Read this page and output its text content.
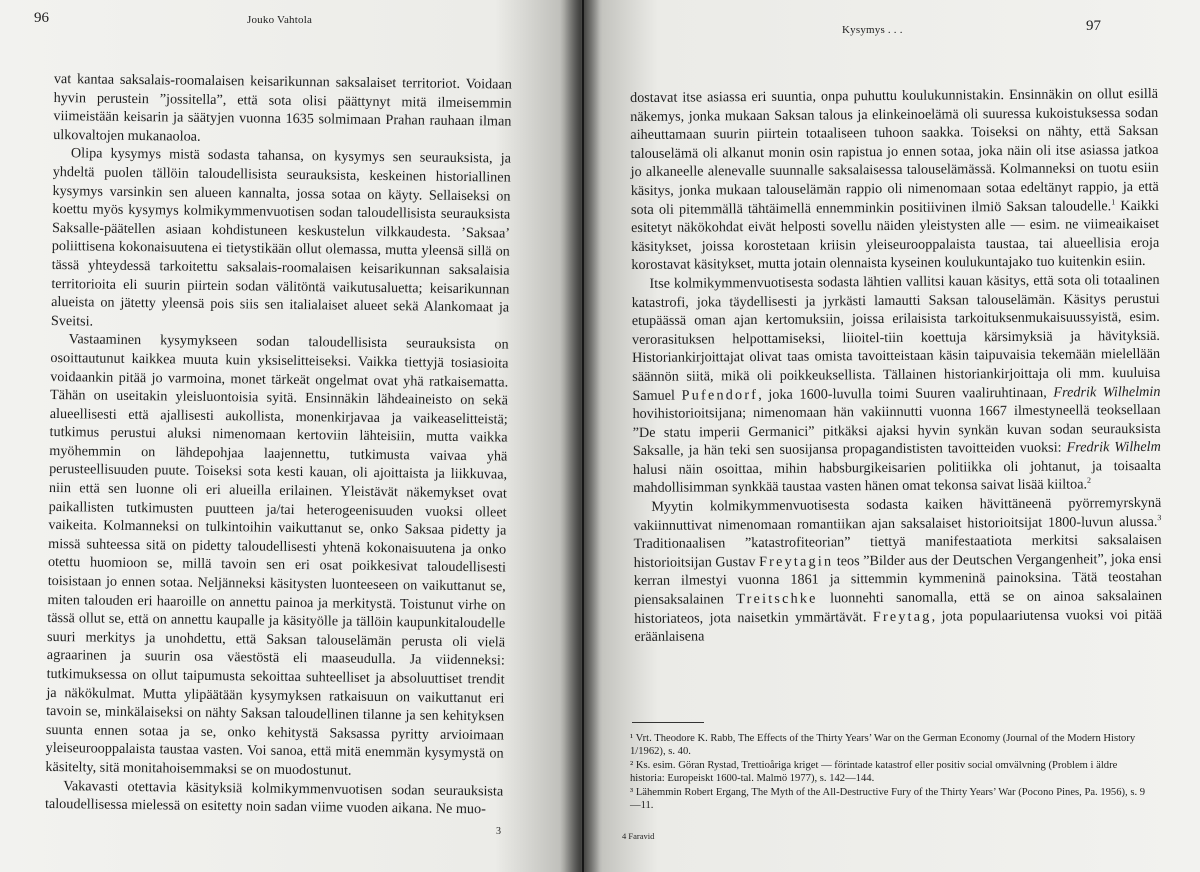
96	Jouko Vahtola

vat kantaa saksalais-roomalaisen keisarikunnan saksalaiset territoriot. Voidaan hyvin perustein ”jossitella”, että sota olisi päättynyt mitä ilmeisemmin viimeistään keisarin ja säätyjen vuonna 1635 solmimaan Prahan rauhaan ilman ulkovaltojen mukanaoloa.

Olipa kysymys mistä sodasta tahansa, on kysymys sen seurauksista, ja yhdeltä puolen tällöin taloudellisista seurauksista, keskeinen historiallinen kysymys varsinkin sen alueen kannalta, jossa sotaa on käyty. Sellaiseksi on koettu myös kysymys kolmikymmenvuotisen sodan taloudellisista seurauksista Saksalle-päätellen asiaan kohdistuneen keskustelun vilkkaudesta. ’Saksaa’ poliittisena kokonaisuutena ei tietystikään ollut olemassa, mutta yleensä sillä on tässä yhteydessä tarkoitettu saksalais-roomalaisen keisarikunnan saksalaisia territorioita eli suurin piirtein sodan välitöntä vaikutusaluetta; keisarikunnan alueista on jätetty yleensä pois siis sen italialaiset alueet sekä Alankomaat ja Sveitsi.

Vastaaminen kysymykseen sodan taloudellisista seurauksista on osoittautunut kaikkea muuta kuin yksiselitteiseksi. Vaikka tiettyjä tosiasioita voidaankin pitää jo varmoina, monet tärkeät ongelmat ovat yhä ratkaisematta. Tähän on useitakin yleisluontoisia syitä. Ensinnäkin lähdeaineisto on sekä alueellisesti että ajallisesti aukollista, monenkirjavaa ja vaikeaselitteistä; tutkimus perustui aluksi nimenomaan kertoviin lähteisiin, mutta vaikka myöhemmin on lähdepohjaa laajennettu, tutkimusta vaivaa yhä perusteellisuuden puute. Toiseksi sota kesti kauan, oli ajoittaista ja liikkuvaa, niin että sen luonne oli eri alueilla erilainen. Yleistävät näkemykset ovat paikallisten tutkimusten puutteen ja/tai heterogeenisuuden vuoksi olleet vaikeita. Kolmanneksi on tulkintoihin vaikuttanut se, onko Saksaa pidetty ja missä suhteessa sitä on pidetty taloudellisesti yhtenä kokonaisuutena ja onko otettu huomioon se, millä tavoin sen eri osat poikkesivat taloudellisesti toisistaan jo ennen sotaa. Neljänneksi käsitysten luonteeseen on vaikuttanut se, miten talouden eri haaroille on annettu painoa ja merkitystä. Toistunut virhe on tässä ollut se, että on annettu kaupalle ja käsityölle ja tällöin kaupunkitaloudelle suuri merkitys ja unohdettu, että Saksan talouselämän perusta oli vielä agraarinen ja suurin osa väestöstä eli maaseudulla. Ja viidenneksi: tutkimuksessa on ollut taipumusta sekoittaa suhteelliset ja absoluuttiset trendit ja näkökulmat. Mutta ylipäätään kysymyksen ratkaisuun on vaikuttanut eri tavoin se, minkälaiseksi on nähty Saksan taloudellinen tilanne ja sen kehityksen suunta ennen sotaa ja se, onko kehitystä Saksassa pyritty arvioimaan yleiseurooppalaista taustaa vasten. Voi sanoa, että mitä enemmän kysymystä on käsitelty, sitä monitahoisemmaksi se on muodostunut.

Vakavasti otettavia käsityksiä kolmikymmenvuotisen sodan seurauksista taloudellisessa mielessä on esitetty noin sadan viime vuoden aikana. Ne muo-

3
Kysymys . . .	97

dostavat itse asiassa eri suuntia, onpa puhuttu koulukunnistakin. Ensinnäkin on ollut esillä näkemys, jonka mukaan Saksan talous ja elinkeinoelämä oli suuressa kukoistuksessa sodan aiheuttamaan suurin piirtein totaaliseen tuhoon saakka. Toiseksi on nähty, että Saksan talouselämä oli alkanut monin osin rapistua jo ennen sotaa, joka näin oli itse asiassa jatkoa jo alkaneelle alenevalle suunnalle saksalaisessa talouselämässä. Kolmanneksi on tuotu esiin käsitys, jonka mukaan talouselämän rappio oli nimenomaan sotaa edeltänyt rappio, ja että sota oli pitemmällä tähtäimellä ennemminkin positiivinen ilmiö Saksan taloudelle.$^1$ Kaikki esitetyt näkökohdat eivät helposti sovellu näiden yleistysten alle — esim. ne viimeaikaiset käsitykset, joissa korostetaan kriisin yleiseurooppalaista taustaa, tai alueellisia eroja korostavat käsitykset, mutta jotain olennaista kyseinen koulukuntajako tuo kuitenkin esiin.

Itse kolmikymmenvuotisesta sodasta lähtien vallitsi kauan käsitys, että sota oli totaalinen katastrofi, joka täydellisesti ja jyrkästi lamautti Saksan talouselämän. Käsitys perustui etupäässä oman ajan kertomuksiin, joissa erilaisista tarkoituksenmukaisuussyistä, esim. verorasituksen helpottamiseksi, liioitel-tiin koettuja kärsimyksiä ja hävityksiä. Historiankirjoittajat olivat taas omista tavoitteistaan käsin taipuvaisia tekemään mielellään säännön siitä, mikä oli poikkeuksellista. Tällainen historiankirjoittaja oli mm. kuuluisa Samuel Pufendorf, joka 1600-luvulla toimi Suuren vaaliruhtinaan, Fredrik Wilhelmin hovihistorioitsijana; nimenomaan hän vakiinnutti vuonna 1667 ilmestyneellä teoksellaan ”De statu imperii Germanici” pitkäksi ajaksi hyvin synkän kuvan sodan seurauksista Saksalle, ja hän teki sen suosijansa propagandististen tavoitteiden vuoksi: Fredrik Wilhelm halusi näin osoittaa, mihin habsburgikeisarien politiikka oli johtanut, ja toisaalta mahdollisimman synkkää taustaa vasten hänen omat tekonsa saivat lisää kiiltoa.$^2$

Myytin kolmikymmenvuotisesta sodasta kaiken hävittäneenä pyörremyrskynä vakiinnuttivat nimenomaan romantiikan ajan saksalaiset historioitsijat 1800-luvun alussa.$^3$ Traditionaalisen ”katastrofiteorian” tiettyä manifestaatiota merkitsi saksalaisen historioitsijan Gustav Freytagin teos ”Bilder aus der Deutschen Vergangenheit”, joka ensi kerran ilmestyi vuonna 1861 ja sittemmin kymmeninä painoksina. Tätä teostahan piensaksalainen Treitschke luonnehti sanomalla, että se on ainoa saksalainen historiateos, jota naisetkin ymmärtävät. Freytag, jota populaariutensa vuoksi voi pitää eräänlaisena

¹ Vrt. Theodore K. Rabb, The Effects of the Thirty Years’ War on the German Economy (Journal of the Modern History 1/1962), s. 40.

² Ks. esim. Göran Rystad, Trettioåriga kriget — förintade katastrof eller positiv social omvälvning (Problem i äldre historia: Europeiskt 1600-tal. Malmö 1977), s. 142—144.

³ Lähemmin Robert Ergang, The Myth of the All-Destructive Fury of the Thirty Years’ War (Pocono Pines, Pa. 1956), s. 9—11.

4 Faravid
